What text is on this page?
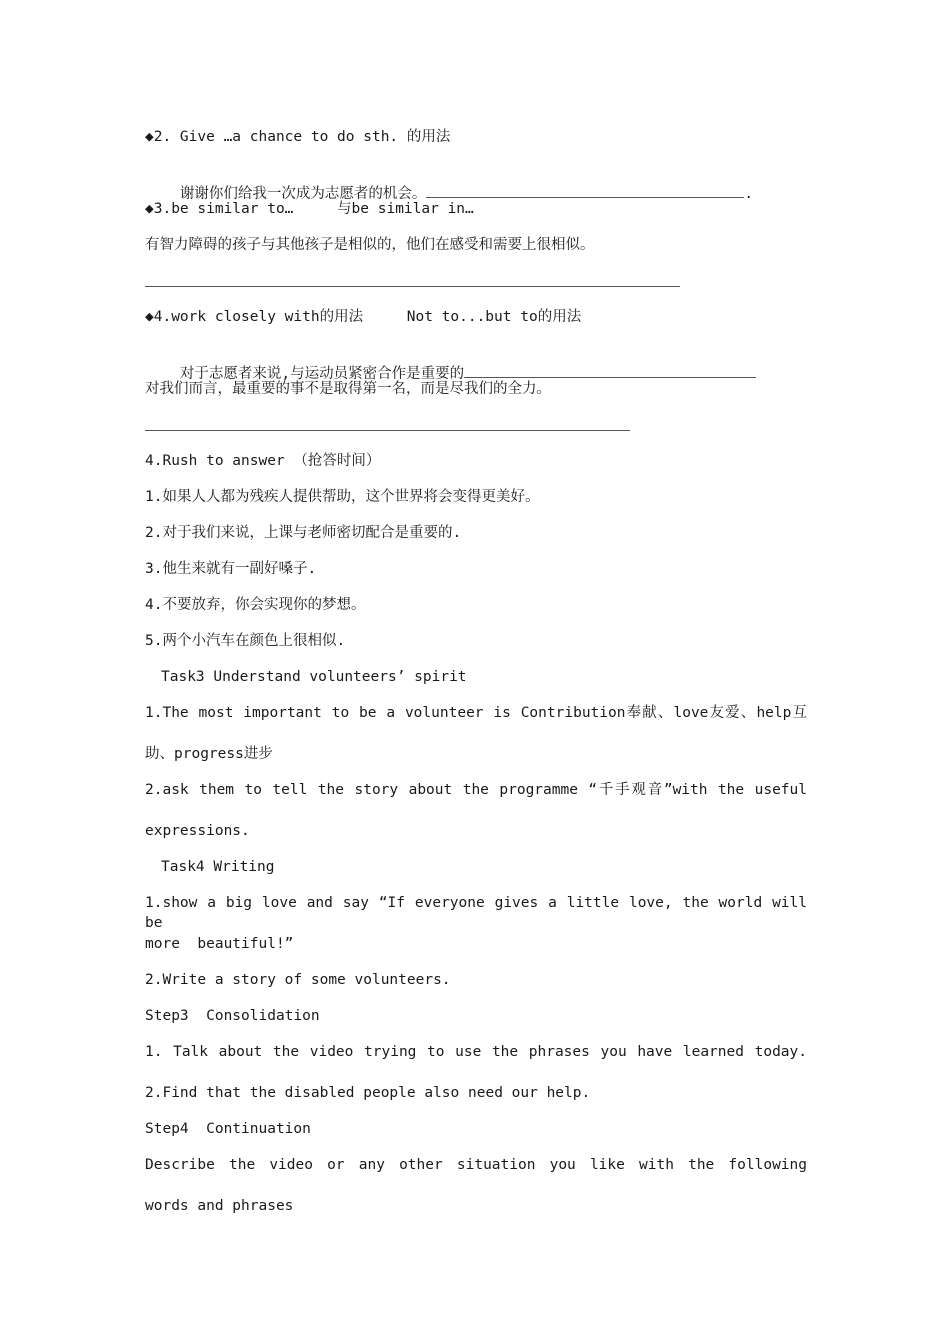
◆2. Give …a chance to do sth. 的用法

谢谢你们给我一次成为志愿者的机会。	.

◆3.be similar to…     与be similar in…
有智力障碍的孩子与其他孩子是相似的，他们在感受和需要上很相似。
◆4.work closely with的用法     Not to...but to的用法

对于志愿者来说,与运动员紧密合作是重要的

对我们而言，最重要的事不是取得第一名，而是尽我们的全力。
4.Rush to answer （抢答时间）
1.如果人人都为残疾人提供帮助，这个世界将会变得更美好。
2.对于我们来说，上课与老师密切配合是重要的.
3.他生来就有一副好嗓子.
4.不要放弃，你会实现你的梦想。
5.两个小汽车在颜色上很相似.
Task3 Understand volunteers’ spirit
1.The most important to be a volunteer is Contribution奉献、love友爱、help互
助、progress进步
2.ask them to tell the story about the programme “千手观音”with the useful
expressions.
Task4 Writing
1.show a big love and say “If everyone gives a little love, the world will be
more  beautiful!”
2.Write a story of some volunteers.
Step3  Consolidation
1. Talk about the video trying to use the phrases you have learned today.
2.Find that the disabled people also need our help.
Step4  Continuation
Describe the video or any other situation you like with the following
words and phrases
